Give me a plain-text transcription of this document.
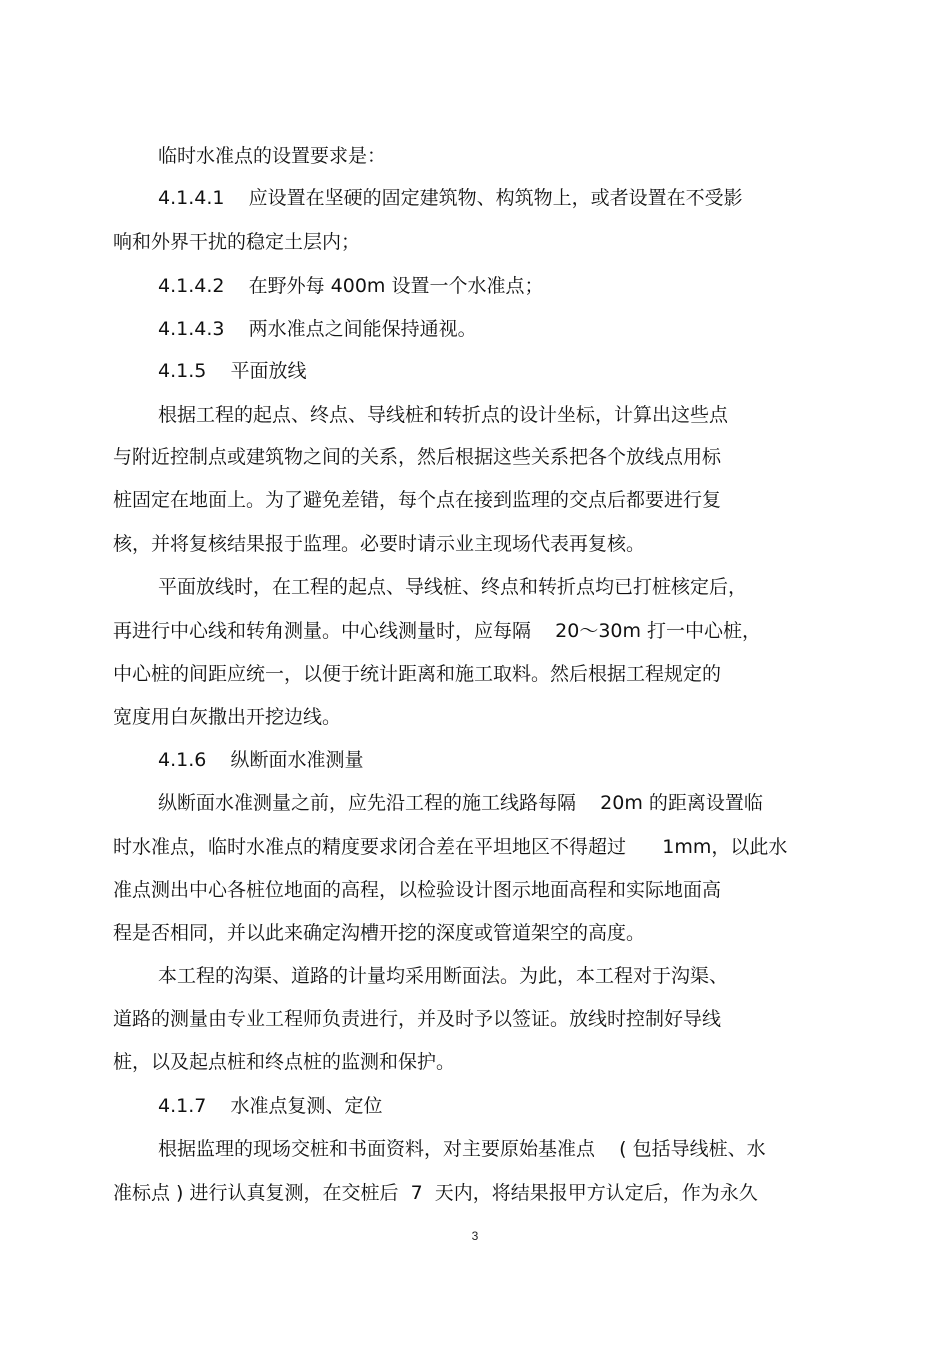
临时水准点的设置要求是：
4.1.4.1    应设置在坚硬的固定建筑物、构筑物上，或者设置在不受影
响和外界干扰的稳定土层内；
4.1.4.2    在野外每 400m 设置一个水准点；
4.1.4.3    两水准点之间能保持通视。
4.1.5    平面放线
根据工程的起点、终点、导线桩和转折点的设计坐标，计算出这些点
与附近控制点或建筑物之间的关系，然后根据这些关系把各个放线点用标
桩固定在地面上。为了避免差错，每个点在接到监理的交点后都要进行复
核，并将复核结果报于监理。必要时请示业主现场代表再复核。
平面放线时，在工程的起点、导线桩、终点和转折点均已打桩核定后，
再进行中心线和转角测量。中心线测量时，应每隔    20～30m 打一中心桩，
中心桩的间距应统一，以便于统计距离和施工取料。然后根据工程规定的
宽度用白灰撒出开挖边线。
4.1.6    纵断面水准测量
纵断面水准测量之前，应先沿工程的施工线路每隔    20m 的距离设置临
时水准点，临时水准点的精度要求闭合差在平坦地区不得超过      1mm，以此水
准点测出中心各桩位地面的高程，以检验设计图示地面高程和实际地面高
程是否相同，并以此来确定沟槽开挖的深度或管道架空的高度。
本工程的沟渠、道路的计量均采用断面法。为此，本工程对于沟渠、
道路的测量由专业工程师负责进行，并及时予以签证。放线时控制好导线
桩，以及起点桩和终点桩的监测和保护。
4.1.7    水准点复测、定位
根据监理的现场交桩和书面资料，对主要原始基准点    ( 包括导线桩、水
准标点 ) 进行认真复测，在交桩后  7  天内，将结果报甲方认定后，作为永久
3
